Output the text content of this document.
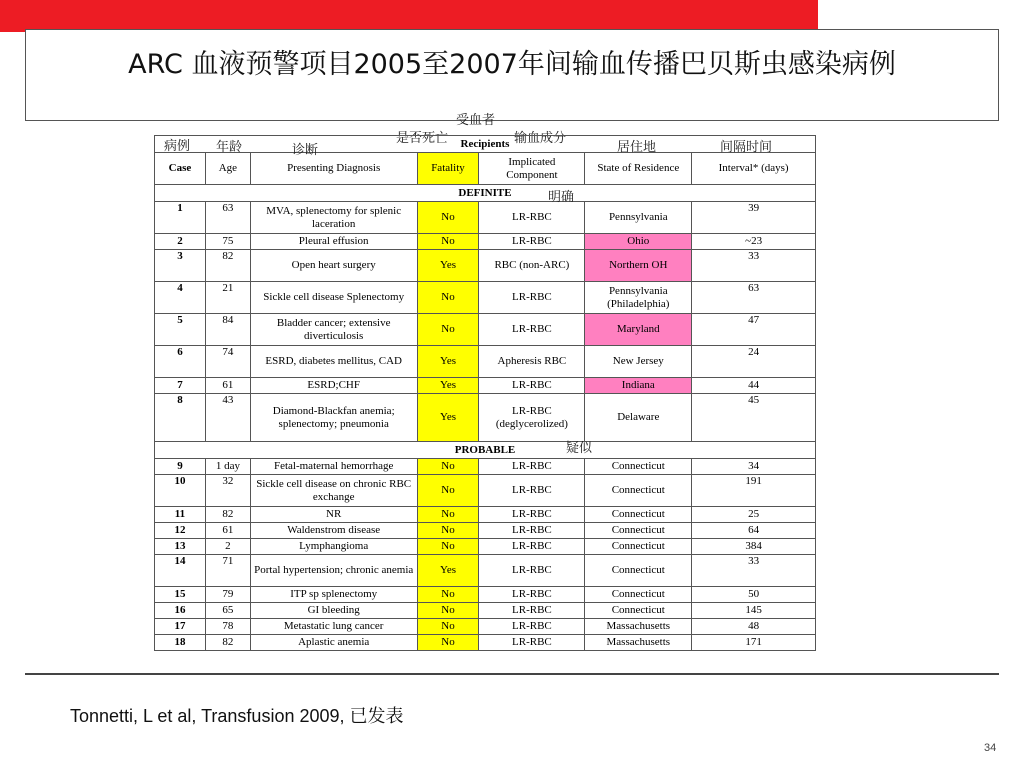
ARC 血液预警项目2005至2007年间输血传播巴贝斯虫感染病例
受血者
是否死亡	输血成分
Recipients						
Case	Age	Presenting Diagnosis	Fatality	Implicated Component	State of Residence	Interval* (days)
DEFINITE						
1	63	MVA, splenectomy for splenic laceration	No	LR-RBC	Pennsylvania	39
2	75	Pleural effusion	No	LR-RBC	Ohio	~23
3	82	Open heart surgery	Yes	RBC (non-ARC)	Northern OH	33
4	21	Sickle cell disease Splenectomy	No	LR-RBC	Pennsylvania (Philadelphia)	63
5	84	Bladder cancer; extensive diverticulosis	No	LR-RBC	Maryland	47
6	74	ESRD, diabetes mellitus, CAD	Yes	Apheresis RBC	New Jersey	24
7	61	ESRD;CHF	Yes	LR-RBC	Indiana	44
8	43	Diamond-Blackfan anemia; splenectomy; pneumonia	Yes	LR-RBC (deglycerolized)	Delaware	45
PROBABLE						
9	1 day	Fetal-maternal hemorrhage	No	LR-RBC	Connecticut	34
10	32	Sickle cell disease on chronic RBC exchange	No	LR-RBC	Connecticut	191
11	82	NR	No	LR-RBC	Connecticut	25
12	61	Waldenstrom disease	No	LR-RBC	Connecticut	64
13	2	Lymphangioma	No	LR-RBC	Connecticut	384
14	71	Portal hypertension; chronic anemia	Yes	LR-RBC	Connecticut	33
15	79	ITP sp splenectomy	No	LR-RBC	Connecticut	50
16	65	GI bleeding	No	LR-RBC	Connecticut	145
17	78	Metastatic lung cancer	No	LR-RBC	Massachusetts	48
18	82	Aplastic anemia	No	LR-RBC	Massachusetts	171
病例 年龄	诊断	居住地	间隔时间
明确
疑似
Tonnetti, L et al, Transfusion 2009, 已发表
34
